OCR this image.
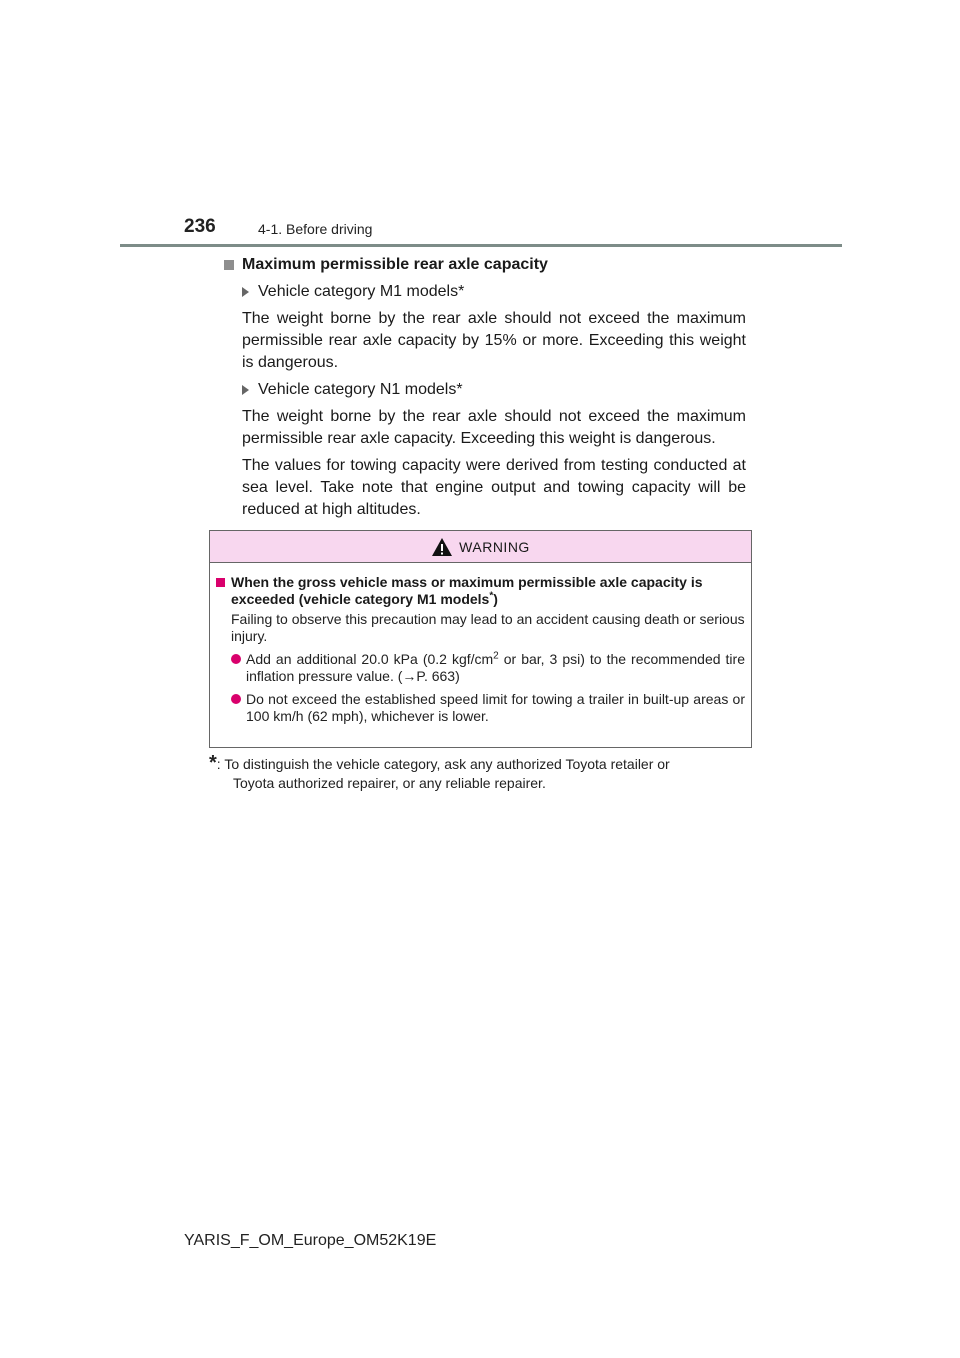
236	4-1. Before driving

Maximum permissible rear axle capacity

Vehicle category M1 models*

The weight borne by the rear axle should not exceed the maximum permissible rear axle capacity by 15% or more. Exceeding this weight is dangerous.

Vehicle category N1 models*

The weight borne by the rear axle should not exceed the maximum permissible rear axle capacity. Exceeding this weight is dangerous.

The values for towing capacity were derived from testing conducted at sea level. Take note that engine output and towing capacity will be reduced at high altitudes.

WARNING
When the gross vehicle mass or maximum permissible axle capacity is exceeded (vehicle category M1 models*)
Failing to observe this precaution may lead to an accident causing death or serious injury.
Add an additional 20.0 kPa (0.2 kgf/$cm^2$ or bar, 3 psi) to the recommended tire inflation pressure value. (→P. 663)
Do not exceed the established speed limit for towing a trailer in built-up areas or 100 km/h (62 mph), whichever is lower.
*: To distinguish the vehicle category, ask any authorized Toyota retailer or
Toyota authorized repairer, or any reliable repairer.
YARIS_F_OM_Europe_OM52K19E
